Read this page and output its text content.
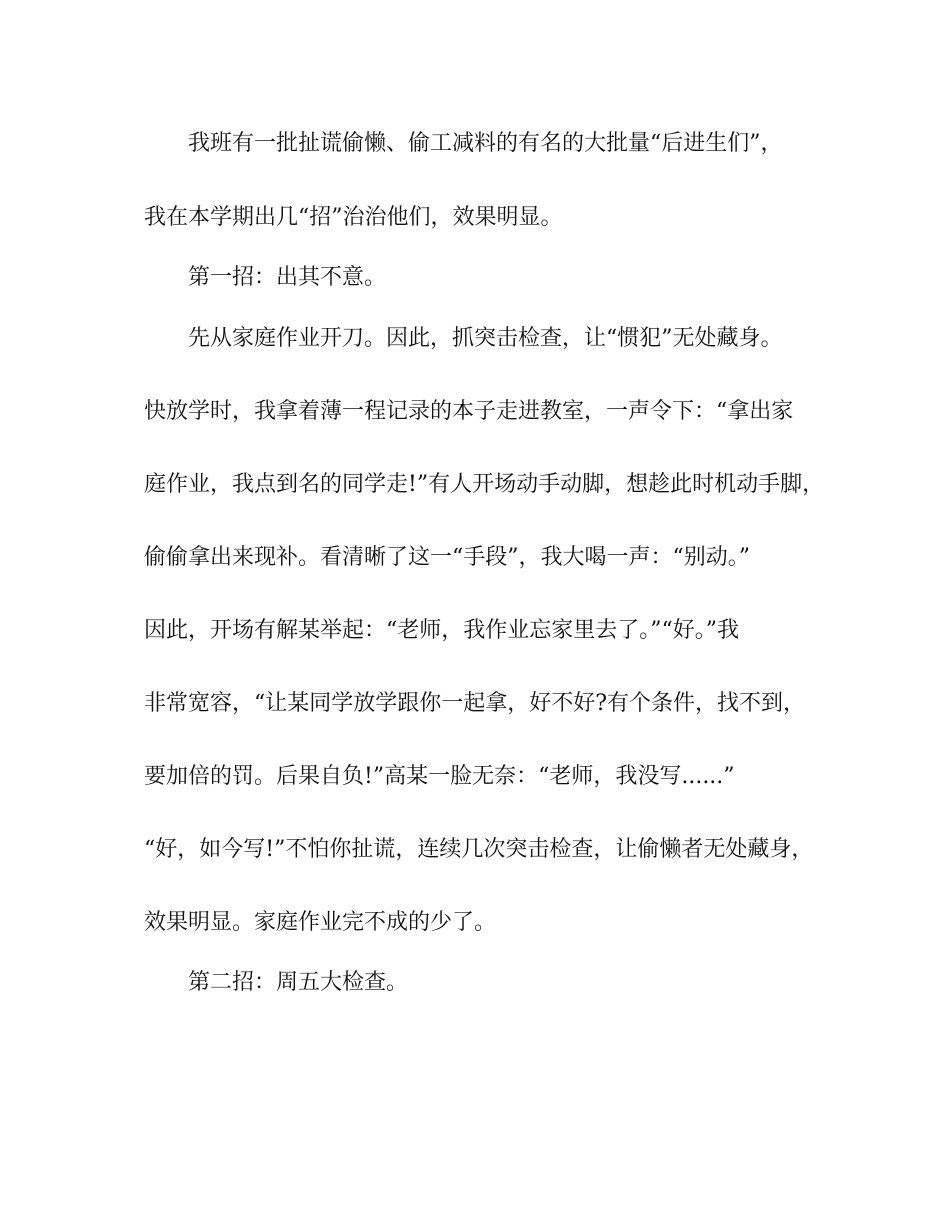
我班有一批扯谎偷懒、偷工减料的有名的大批量“后进生们”，
我在本学期出几“招”治治他们，效果明显。
第一招：出其不意。
先从家庭作业开刀。因此，抓突击检查，让“惯犯”无处藏身。
快放学时，我拿着薄一程记录的本子走进教室，一声令下：“拿出家
庭作业，我点到名的同学走!”有人开场动手动脚，想趁此时机动手脚，
偷偷拿出来现补。看清晰了这一“手段”，我大喝一声：“别动。”
因此，开场有解某举起：“老师，我作业忘家里去了。”“好。”我
非常宽容，“让某同学放学跟你一起拿，好不好?有个条件，找不到，
要加倍的罚。后果自负!”高某一脸无奈：“老师，我没写......”
“好，如今写!”不怕你扯谎，连续几次突击检查，让偷懒者无处藏身，
效果明显。家庭作业完不成的少了。
第二招：周五大检查。
